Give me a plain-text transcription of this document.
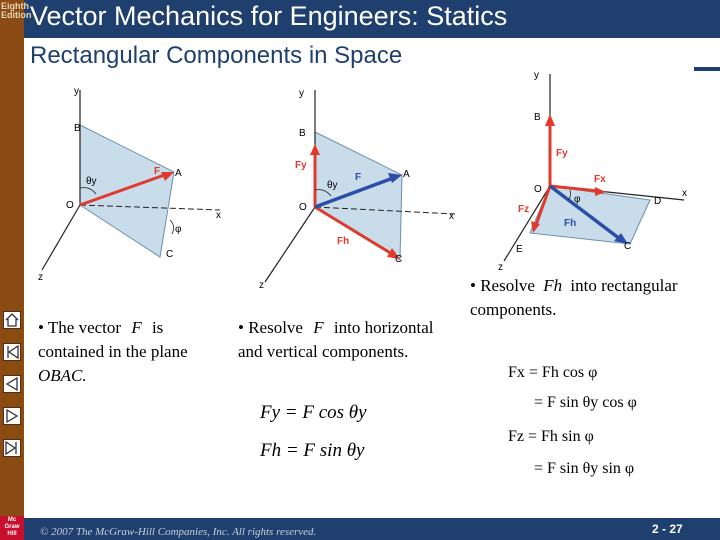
Vector Mechanics for Engineers: Statics
Eighth Edition
Mc Graw Hill
Rectangular Components in Space
y
B
O
A
F
θy
φ
C
x
z
y
B
Fy
θy
F	A
O
Fh
C
x
z
y
B
Fy
O
Fx
Fz
φ
Fh
D
x
E	C
z
• The vector F is contained in the plane OBAC.
• Resolve F into horizontal and vertical components.
• Resolve Fh into rectangular components.
Fy = F cos θy
Fh = F sin θy
Fx = Fh cos φ
= F sin θy cos φ
Fz = Fh sin φ
= F sin θy sin φ
© 2007 The McGraw-Hill Companies, Inc. All rights reserved.	2 - 27
